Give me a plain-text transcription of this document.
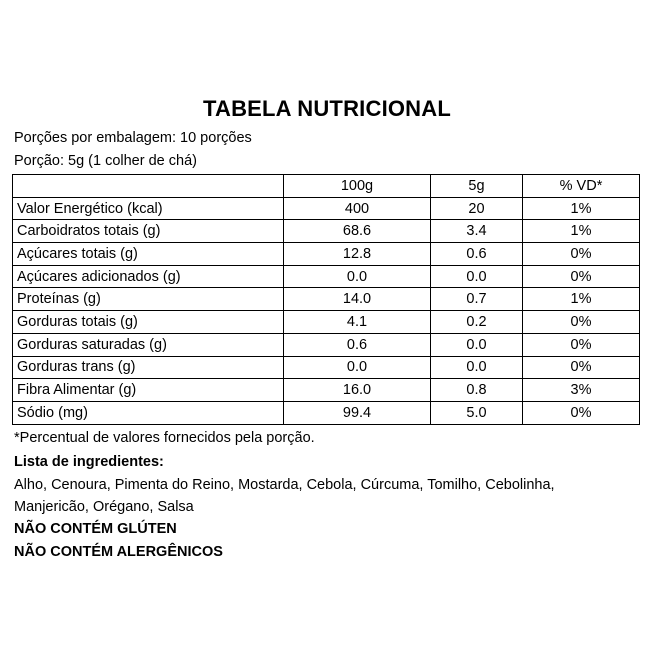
TABELA NUTRICIONAL
Porções por embalagem: 10 porções
Porção: 5g (1 colher de chá)
	100g	5g	% VD*
Valor Energético (kcal)	400	20	1%
Carboidratos totais (g)	68.6	3.4	1%
Açúcares totais (g)	12.8	0.6	0%
Açúcares adicionados (g)	0.0	0.0	0%
Proteínas (g)	14.0	0.7	1%
Gorduras totais (g)	4.1	0.2	0%
Gorduras saturadas (g)	0.6	0.0	0%
Gorduras trans (g)	0.0	0.0	0%
Fibra Alimentar (g)	16.0	0.8	3%
Sódio (mg)	99.4	5.0	0%
*Percentual de valores fornecidos pela porção.
Lista de ingredientes:
Alho, Cenoura, Pimenta do Reino, Mostarda, Cebola, Cúrcuma, Tomilho, Cebolinha,
Manjericão, Orégano, Salsa
NÃO CONTÉM GLÚTEN
NÃO CONTÉM ALERGÊNICOS
